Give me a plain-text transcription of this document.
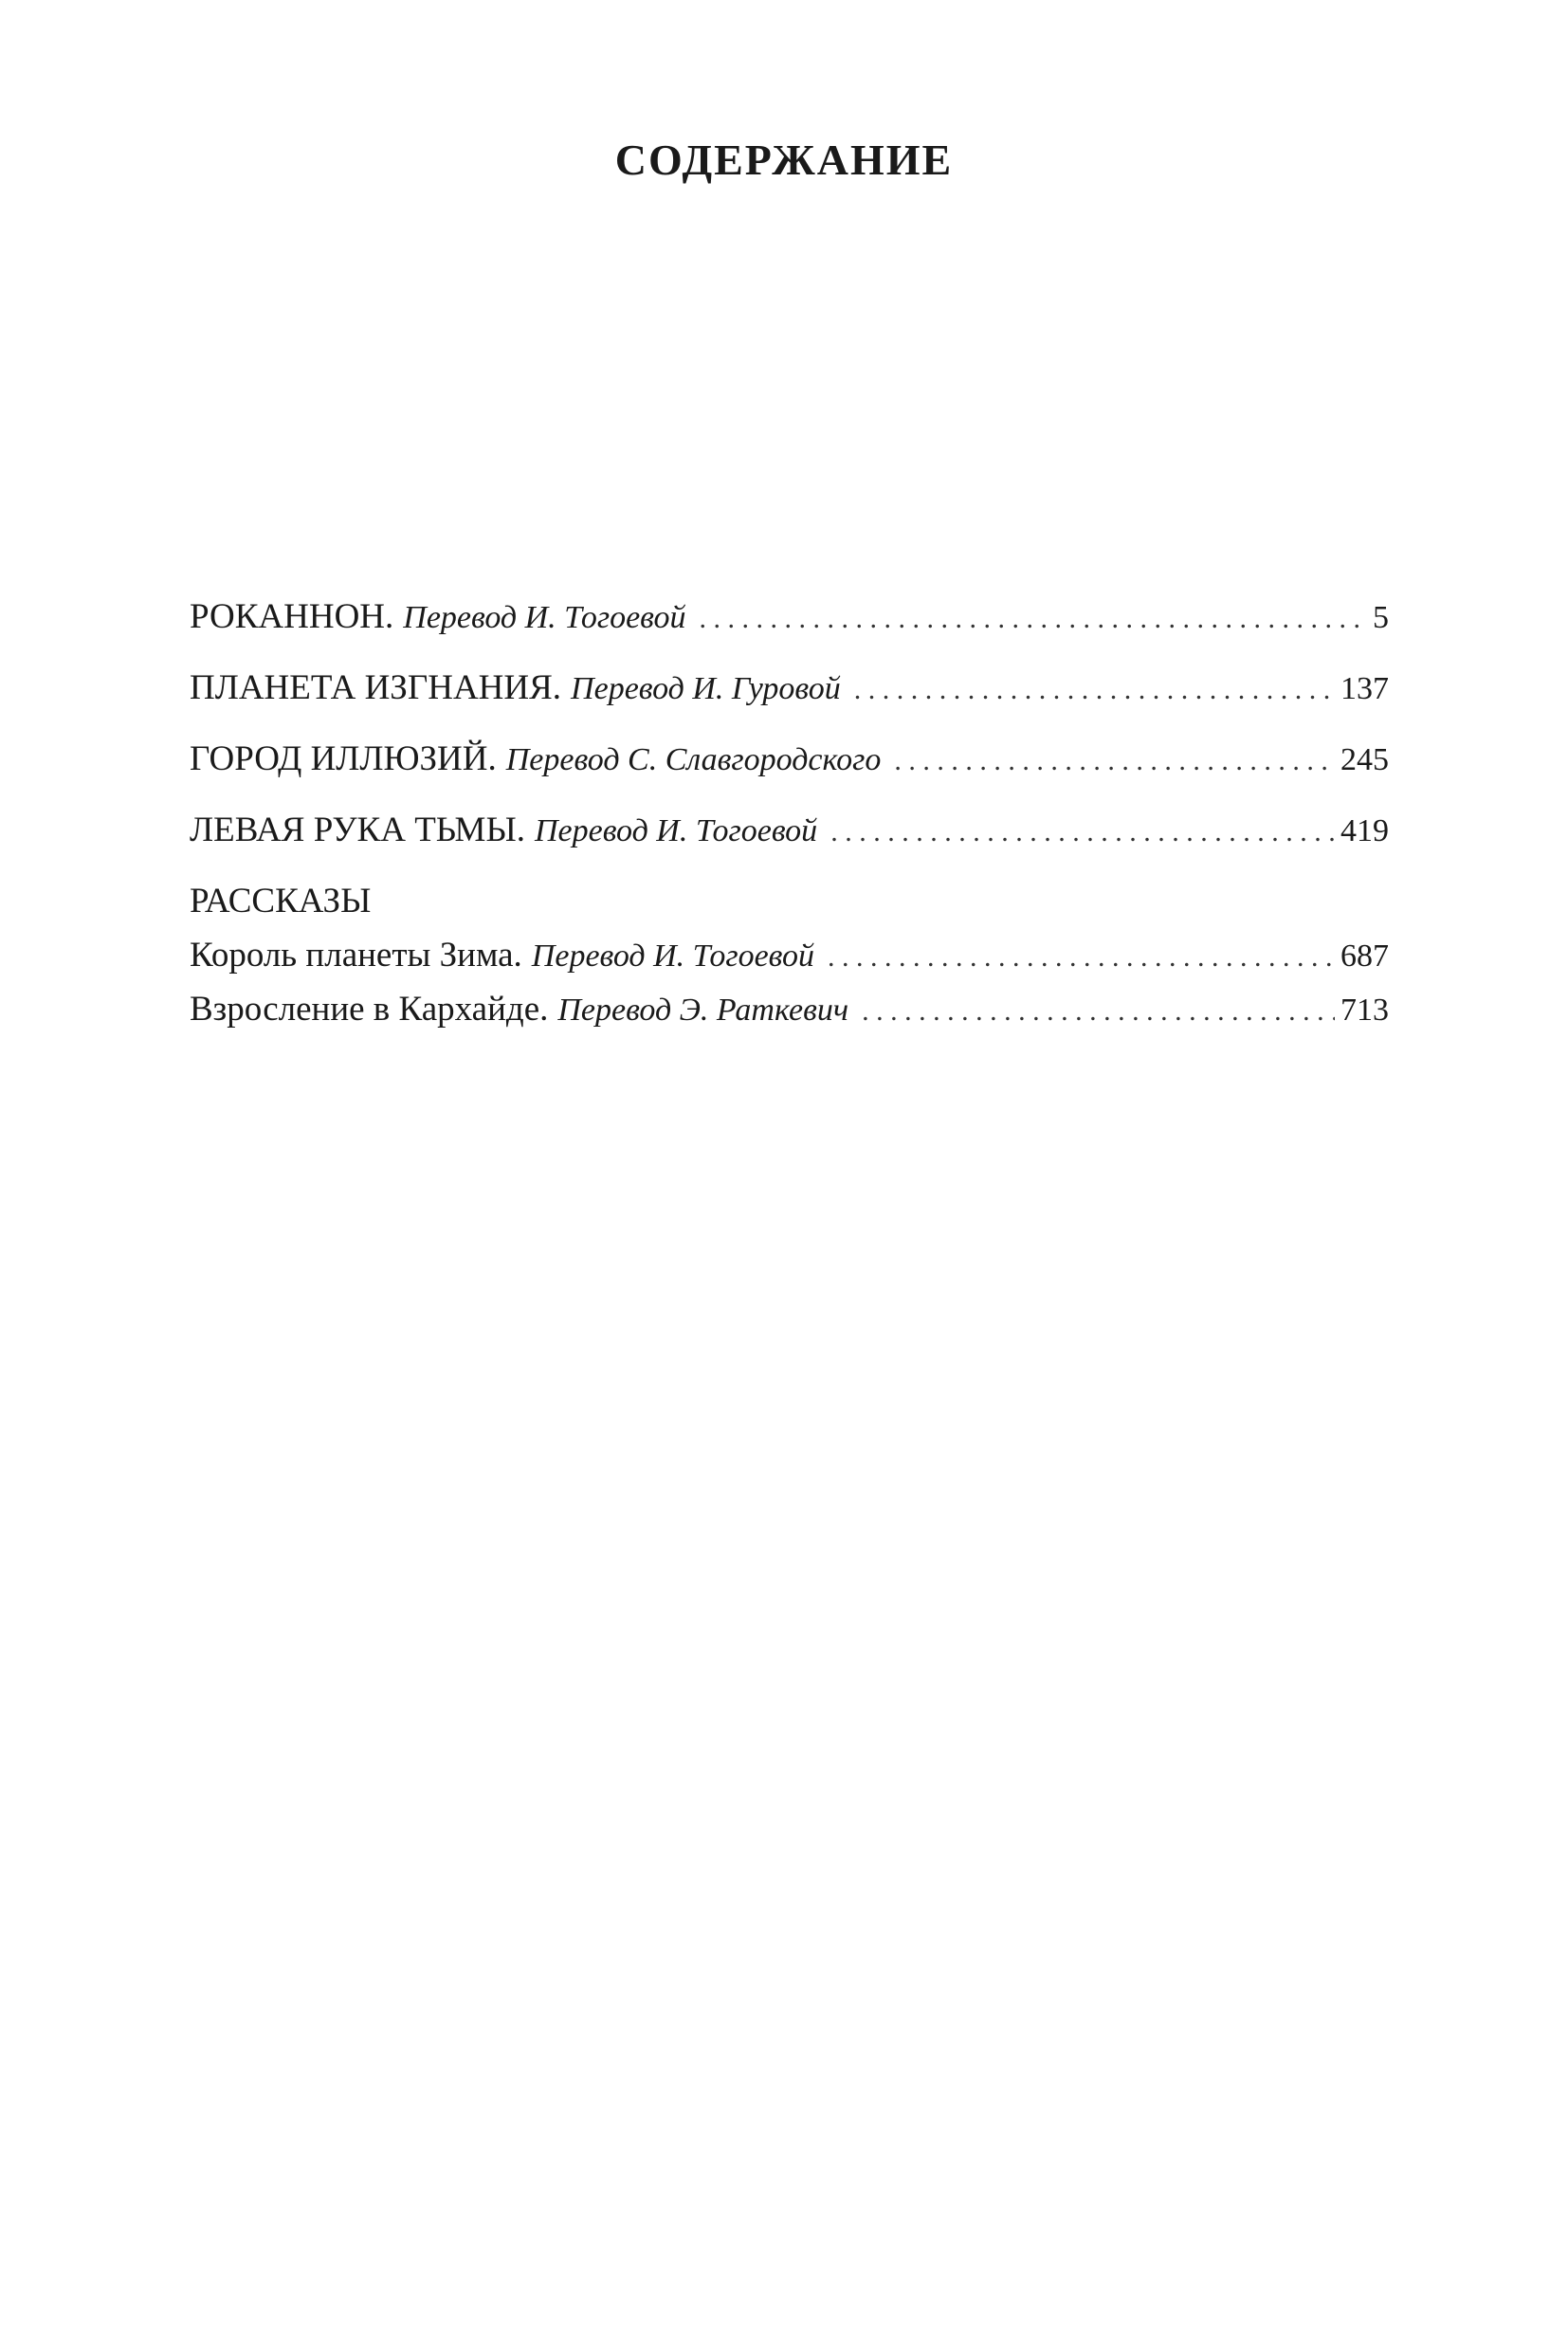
СОДЕРЖАНИЕ
РОКАННОН. Перевод И. Тогоевой . . .	5
ПЛАНЕТА ИЗГНАНИЯ. Перевод И. Гуровой . . .	137
ГОРОД ИЛЛЮЗИЙ. Перевод С. Славгородского . . .	245
ЛЕВАЯ РУКА ТЬМЫ. Перевод И. Тогоевой . . .	419
РАССКАЗЫ
Король планеты Зима. Перевод И. Тогоевой . . .	687
Взросление в Кархайде. Перевод Э. Раткевич . . .	713
